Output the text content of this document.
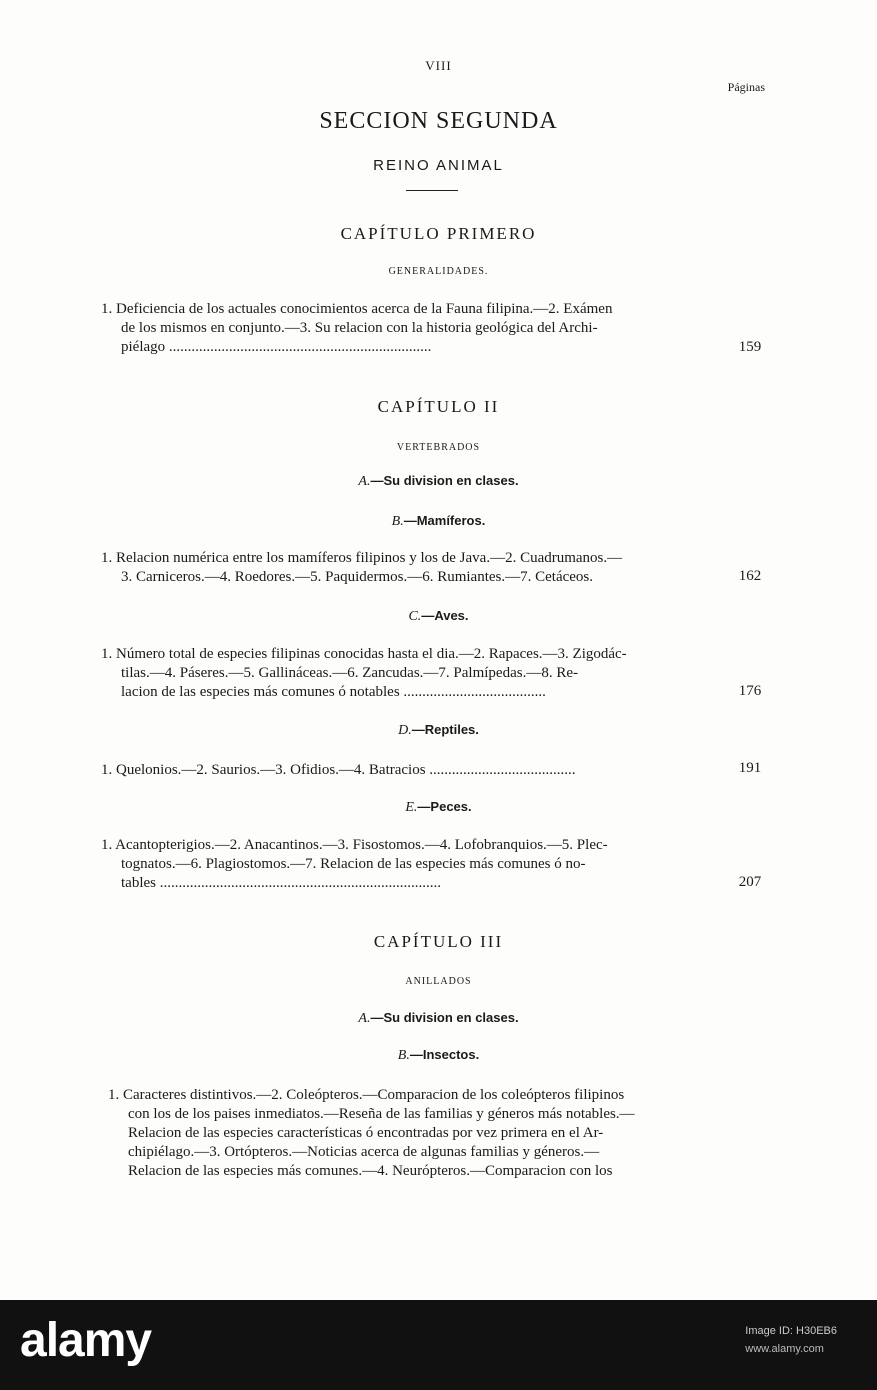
VIII
Páginas
SECCION SEGUNDA
REINO ANIMAL
CAPÍTULO PRIMERO
GENERALIDADES.
1. Deficiencia de los actuales conocimientos acerca de la Fauna filipina.—2. Exámen
de los mismos en conjunto.—3. Su relacion con la historia geológica del Archi-
piélago ......................................................................	159
CAPÍTULO II
VERTEBRADOS
A.—Su division en clases.
B.—Mamíferos.
1. Relacion numérica entre los mamíferos filipinos y los de Java.—2. Cuadrumanos.—
3. Carniceros.—4. Roedores.—5. Paquidermos.—6. Rumiantes.—7. Cetáceos.	162
C.—Aves.
1. Número total de especies filipinas conocidas hasta el dia.—2. Rapaces.—3. Zigodác-
tilas.—4. Páseres.—5. Gallináceas.—6. Zancudas.—7. Palmípedas.—8. Re-
lacion de las especies más comunes ó notables ......................................	176
D.—Reptiles.
1. Quelonios.—2. Saurios.—3. Ofidios.—4. Batracios .......................................	191
E.—Peces.
1. Acantopterigios.—2. Anacantinos.—3. Fisostomos.—4. Lofobranquios.—5. Plec-
tognatos.—6. Plagiostomos.—7. Relacion de las especies más comunes ó no-
tables ...........................................................................	207
CAPÍTULO III
ANILLADOS
A.—Su division en clases.
B.—Insectos.
1. Caracteres distintivos.—2. Coleópteros.—Comparacion de los coleópteros filipinos
con los de los paises inmediatos.—Reseña de las familias y géneros más notables.—
Relacion de las especies características ó encontradas por vez primera en el Ar-
chipiélago.—3. Ortópteros.—Noticias acerca de algunas familias y géneros.—
Relacion de las especies más comunes.—4. Neurópteros.—Comparacion con los
alamy	Image ID: H30EB6
www.alamy.com
